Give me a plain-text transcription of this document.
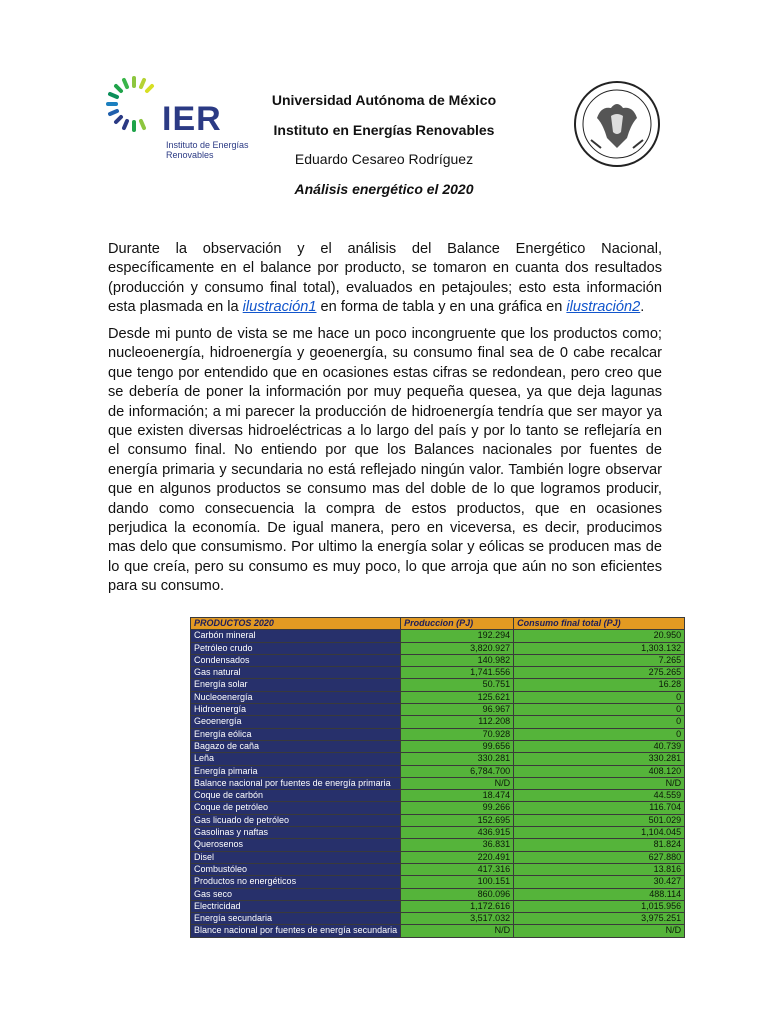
IER
Instituto de Energías Renovables

Universidad Autónoma de México

Instituto en Energías Renovables

Eduardo Cesareo Rodríguez

Análisis energético el 2020

Durante la observación y el análisis del Balance Energético Nacional, específicamente en el balance por producto, se tomaron en cuanta dos resultados (producción y consumo final total), evaluados en petajoules; esto esta información esta plasmada en la ilustración1 en forma de tabla y en una gráfica en ilustración2.

Desde mi punto de vista se me hace un poco incongruente que los productos como; nucleoenergía, hidroenergía y geoenergía, su consumo final sea de 0 cabe recalcar que tengo por entendido que en ocasiones estas cifras se redondean, pero creo que se debería de poner la información por muy pequeña quesea, ya que deja lagunas de información; a mi parecer la producción de hidroenergía tendría que ser mayor ya que existen diversas hidroeléctricas a lo largo del país y por lo tanto se reflejaría en el consumo final. No entiendo por que los Balances nacionales por fuentes de energía primaria y secundaria no está reflejado ningún valor. También logre observar que en algunos productos se consumo mas del doble de lo que logramos producir, dando como consecuencia la compra de estos productos, que en ocasiones perjudica la economía. De igual manera, pero en viceversa, es decir, producimos mas delo que consumismo. Por ultimo la energía solar y eólicas se producen mas de lo que creía, pero su consumo es muy poco, lo que arroja que aún no son eficientes para su consumo.

PRODUCTOS 2020	Produccion (PJ)	Consumo final total (PJ)
Carbón mineral	192.294	20.950
Petróleo crudo	3,820.927	1,303.132
Condensados	140.982	7.265
Gas natural	1,741.556	275.265
Energía solar	50.751	16.28
Nucleoenergía	125.621	0
Hidroenergía	96.967	0
Geoenergía	112.208	0
Energía eólica	70.928	0
Bagazo de caña	99.656	40.739
Leña	330.281	330.281
Energía pimaria	6,784.700	408.120
Balance nacional por fuentes de energía primaria	N/D	N/D
Coque de carbón	18.474	44.559
Coque de petróleo	99.266	116.704
Gas licuado de petróleo	152.695	501.029
Gasolinas y naftas	436.915	1,104.045
Querosenos	36.831	81.824
Disel	220.491	627.880
Combustóleo	417.316	13.816
Productos no energéticos	100.151	30.427
Gas seco	860.096	488.114
Electricidad	1,172.616	1,015.956
Energía secundaria	3,517.032	3,975.251
Blance nacional por fuentes de energía secundaria	N/D	N/D
